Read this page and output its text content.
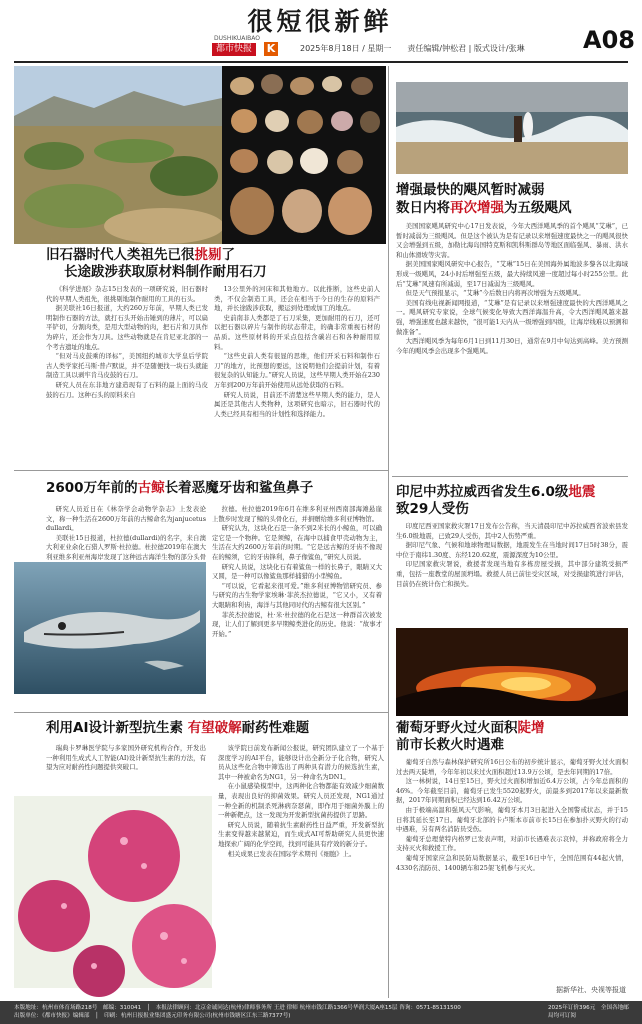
很短很新鲜
DUSHIKUAIBAO
都市快报	K	2025年8月18日 / 星期一　　责任编辑/钟松君 | 版式设计/张琳 A08
旧石器时代人类祖先已很挑剔了
长途跋涉获取原材料制作耐用石刀
《科学进展》杂志15日发表的一项研究说，旧石器时代的早期人类祖先，很挑剔地制作耐用的工具的石头。
据美联社16日报道，大约260万年前，早期人类已发明制作石器的方法，就打石头开始击锤到的薄片，可以扁平铲切，分割肉类，是用大型动物的肉，把石片和刀具作为碎片，还会作为刀具。这些动物就是在肯尼亚北部的一个考古遗址的地点。
“但对马皮鼓乘的译标”，美国纽约城市大学皇后学院古人类学家托马斯·普卢默说，并不是随便找一块石头就能制造工具以剥牢肯马皮鼓的石刀。
研究人员在东非地方建造现有了石料的最上面的马皮鼓的石刀。这种石头的原料来自
13公里外的河床和其他地方。以此推断，这些史前人类，不仅会制造工具，还会在相当于今日的生存的原料产地，并长途跋涉获取，搬运到处理或加工的地点。
史前南非人类都是了石刀采集，更加耐用的石刀，还可以把石器以碎片与制作的状态带走，的确非常重视石材的品质。这些原材料的开采点包括含碳岩石和各种耐用原料。
“这些史前人类有很显的思维，他们开采石料和制作石刀”的地方，比预想的要远，这说明他们会提前计划，有着很复杂的认知能力。”研究人员说，这些早期人类开始在230万年到200万年前开始使用从远处获取的石料。
研究人员说，目前还不清楚这些早期人类的能力，是人属还是其他古人类物种，这项研究也暗示，旧石器时代的人类已经具有相当的计划性和选择能力。
增强最快的飓风暂时减弱
数日内将再次增强为五级飓风
美国国家飓风研究中心17日发表说，今年大西洋飓风季的首个飓风“艾琳”，已暂时减弱为三级飓风。但是这个被认为是有记录以来增强速度最快之一的飓风很快又会增强到五级，加勒比海岛国特克斯和凯科斯群岛等地区面临强风、暴雨、洪水和山体滑坡等灾害。
据美国国家飓风研究中心报告，“艾琳”15日在美国海外属地波多黎各以北海域形成一级飓风，24小时后增强至五级，最大持续风速一度超过每小时255公里。此后“艾琳”风速有所减弱，至17日减弱为三级飓风。
但是天气预报显示，“艾琳”今后数日内将再次增强为五级飓风。
美国有线电视新闻网报道，“艾琳”是有记录以来增强速度最快的大西洋飓风之一。飓风研究专家说，全球气候变化导致大西洋海温升高，令大西洋飓风越来越强，增强速度也越来越快，“很可能1天内从一级增强到四级，让海岸线难以预测和做准备”。
大西洋飓风季为每年6月1日到11月30日，通常在9月中旬达到高峰。美方预测今年的飓风季会出现多个强飓风。
2600万年前的古鲸长着恶魔牙齿和鲨鱼鼻子
研究人员近日在《林奈学会动物学杂志》上发表论文，称一种生活在2600万年前的古鲸命名为janjucetus dullardi。
美联社15日报道，杜拉德(dullardi)的名字，来自澳大利亚业余化石猎人罗斯·杜拉德。杜拉德2019年在澳大利亚维多利亚州海岸发现了这种远古海洋生物的部分头骨
拉德。杜拉德2019年6月在维多利亚州西南部海滩悬崖上散步时发现了鲸的头骨化石，并捐赠给维多利亚博物馆。
研究认为，这块化石是一条不到2米长的小鲸鱼，可以确定它是一个物种。它是须鲸，在海中以捕食甲壳动物为主，生活在大约2600万年前的时期。“它是远古鲸的牙齿不像现在的鲸须，它的牙齿锋利，鼻子像鲨鱼，”研究人员说。
研究人员说，这块化石有着鲨鱼一样的长鼻子，眼睛又大又圆，是一种可以像鲨鱼那样捕猎的小型鲸鱼。
“可以说，它看起来很可爱。”维多利亚博物馆研究员、参与研究的古生物学家埃琳·菲茨杰拉德说，“它又小，又有着大眼睛和利齿，海洋与其他同时代的古鲸有很大区别。”
菲茨杰拉德说，杜·米·杜拉德的化石是这一种群首次被发现，让人们了解到更多早期鲸类进化的历史。他说：“故事才开始。”
印尼中苏拉威西省发生6.0级地震
致29人受伤
印度尼西亚国家救灾署17日发布公告称，当天清晨印尼中苏拉威西省波索县发生6.0级地震，已致29人受伤，其中2人伤势严重。
据印尼气象、气候和地球物理局数据，地震发生在当地时间17日5时38分，震中位于南纬1.30度、东经120.62度，震源深度为10公里。
印尼国家救灾署说，救援者发现当地有多栋房屋受损，其中部分建筑受损严重，包括一座教堂的屋顶坍塌。救援人员已前往受灾区域，对受损建筑进行评估，目前仍在统计伤亡和损失。
葡萄牙野火过火面积陡增
前市长救火时遇难
葡萄牙自然与森林保护研究所16日公布的初步统计显示，葡萄牙野火过火面积过去两天陡增，今年年初以来过火面积超过13.9万公顷，是去年同期的17倍。
这一林树说，14日至15日，野火过火面积增加近6.4万公顷，占今年总面积的46%。今年截至目前，葡萄牙已发生5520起野火，前最多到2017年以来最新数据，2017年同期面积已经达到16.42万公顷。
由于极端高温和强风天气影响，葡萄牙本月3日起进入全国警戒状态，并于15日将其延长至17日。葡萄牙北部的卡卢斯本市前市长15日在参加扑灭野火的行动中遇难，另有两名消防员受伤。
葡萄牙总理蒙特内格罗已发表声明，对前市长遇难表示哀悼，并称政府将全力支持灭火和救援工作。
葡萄牙国家应急和民防局数据显示，截至16日中午，全国范围有44起火情，4330名消防员、1400辆车和25架飞机参与灭火。
据新华社、央视等报道
利用AI设计新型抗生素 有望破解耐药性难题
瑞典卡罗琳医学院与多家国外研究机构合作，开发出一种利用生成式人工智能(AI)设计新型抗生素的方法，有望为应对耐药性问题提供突破口。
该学院日前发布新闻公报说，研究团队建立了一个基于深度学习的AI平台，能够设计出全新分子化合物，研究人员从这些化合物中筛选出了两种具有潜力的候选抗生素，其中一种被命名为NG1，另一种命名为DN1。
在小鼠感染模型中，这两种化合物都能有效减少细菌数量，表现出良好的抑菌效果。研究人员还发现，NG1通过一种全新的机制杀死淋病奈瑟菌，即作用于细菌外膜上的一种新靶点，这一发现为开发新型抗菌药提供了思路。
研究人员说，随着抗生素耐药性日益严重，开发新型抗生素变得越来越紧迫，而生成式AI可帮助研究人员更快速地探索广阔的化学空间，找到可能具有疗效的新分子。
相关成果已发表在国际学术期刊《细胞》上。
本版地址：杭州市体育场路218号　邮编：310041　│　本报法律顾问：北京金诚同达(杭州)律师事务所 王进 律师 杭州市钱江路1366号华润大厦A座15层 咨询：0571-85131500
出版单位：《都市快报》编辑部　│　印刷：杭州日报报业集团盛元印务有限公司(杭州市钱塘区江东三路7377号)
2025年订价396元　全国各地邮局均可订阅
